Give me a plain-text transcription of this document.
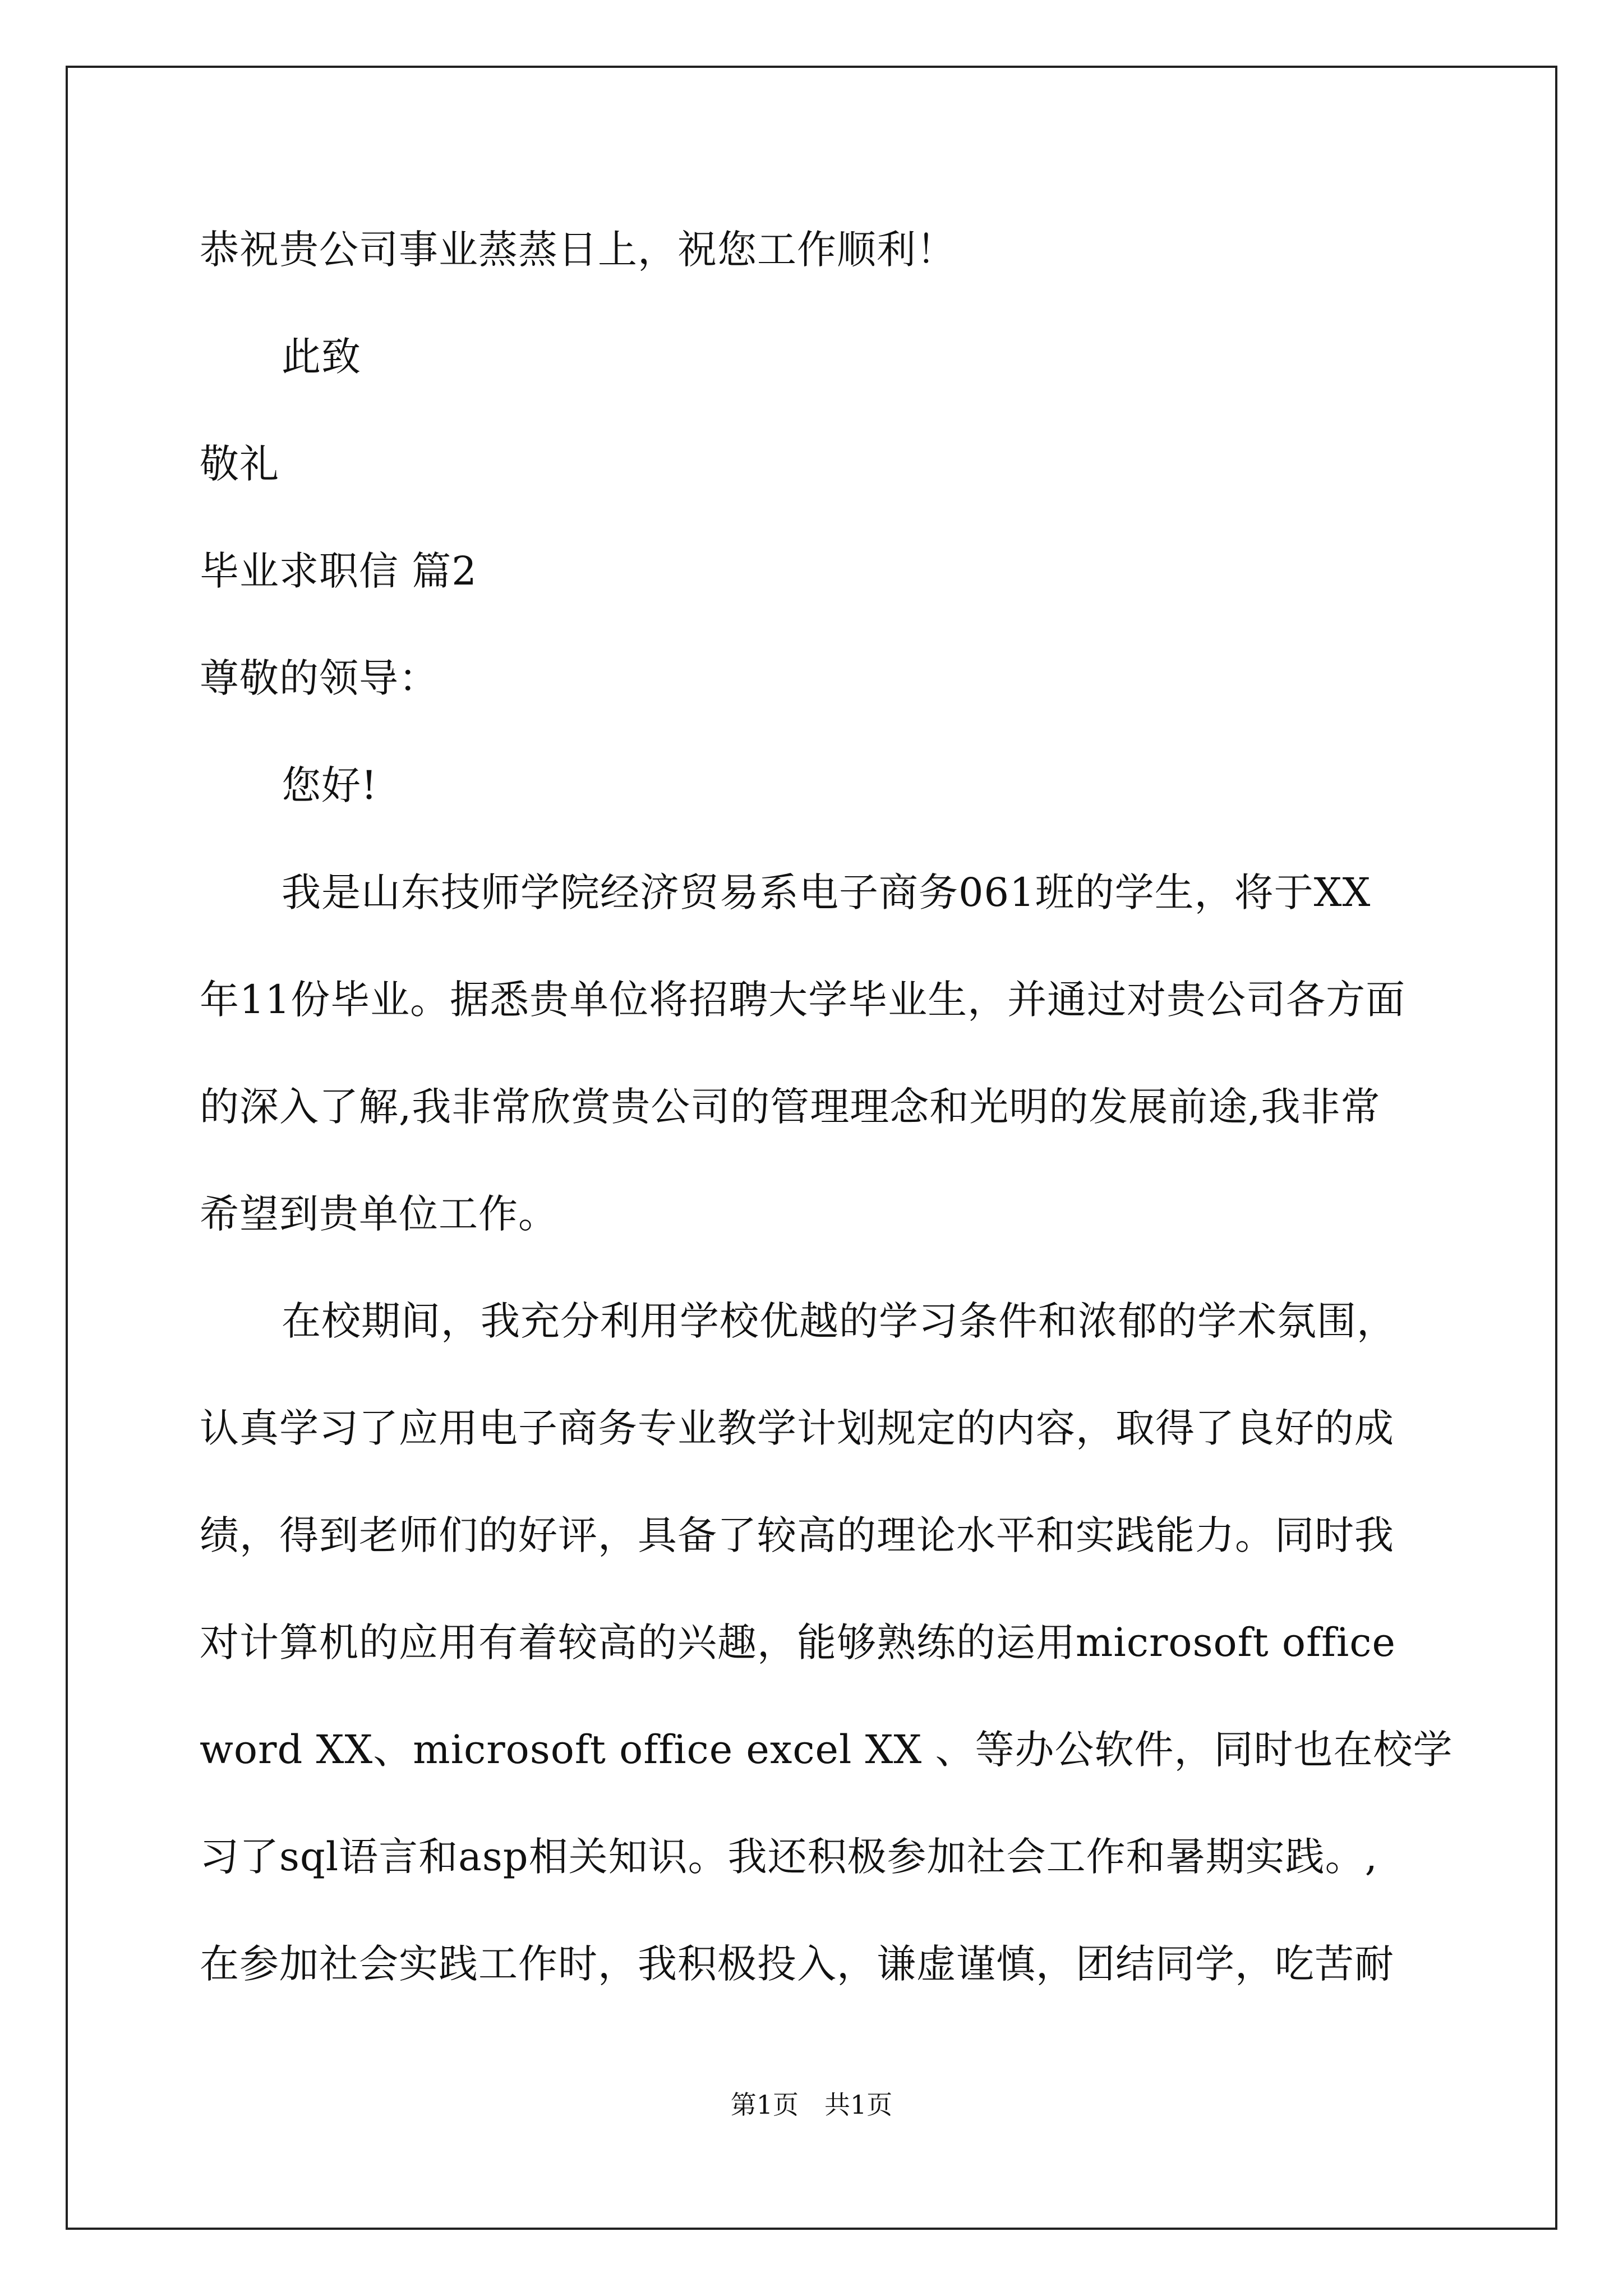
恭祝贵公司事业蒸蒸日上，祝您工作顺利！
此致
敬礼
毕业求职信 篇2
尊敬的领导：
您好!
我是山东技师学院经济贸易系电子商务061班的学生，将于XX
年11份毕业。据悉贵单位将招聘大学毕业生，并通过对贵公司各方面
的深入了解,我非常欣赏贵公司的管理理念和光明的发展前途,我非常
希望到贵单位工作。
在校期间，我充分利用学校优越的学习条件和浓郁的学术氛围，
认真学习了应用电子商务专业教学计划规定的内容，取得了良好的成
绩，得到老师们的好评，具备了较高的理论水平和实践能力。同时我
对计算机的应用有着较高的兴趣，能够熟练的运用microsoft office
word XX、microsoft office excel XX 、等办公软件，同时也在校学
习了sql语言和asp相关知识。我还积极参加社会工作和暑期实践。,
在参加社会实践工作时，我积极投入，谦虚谨慎，团结同学，吃苦耐
第1页　共1页
